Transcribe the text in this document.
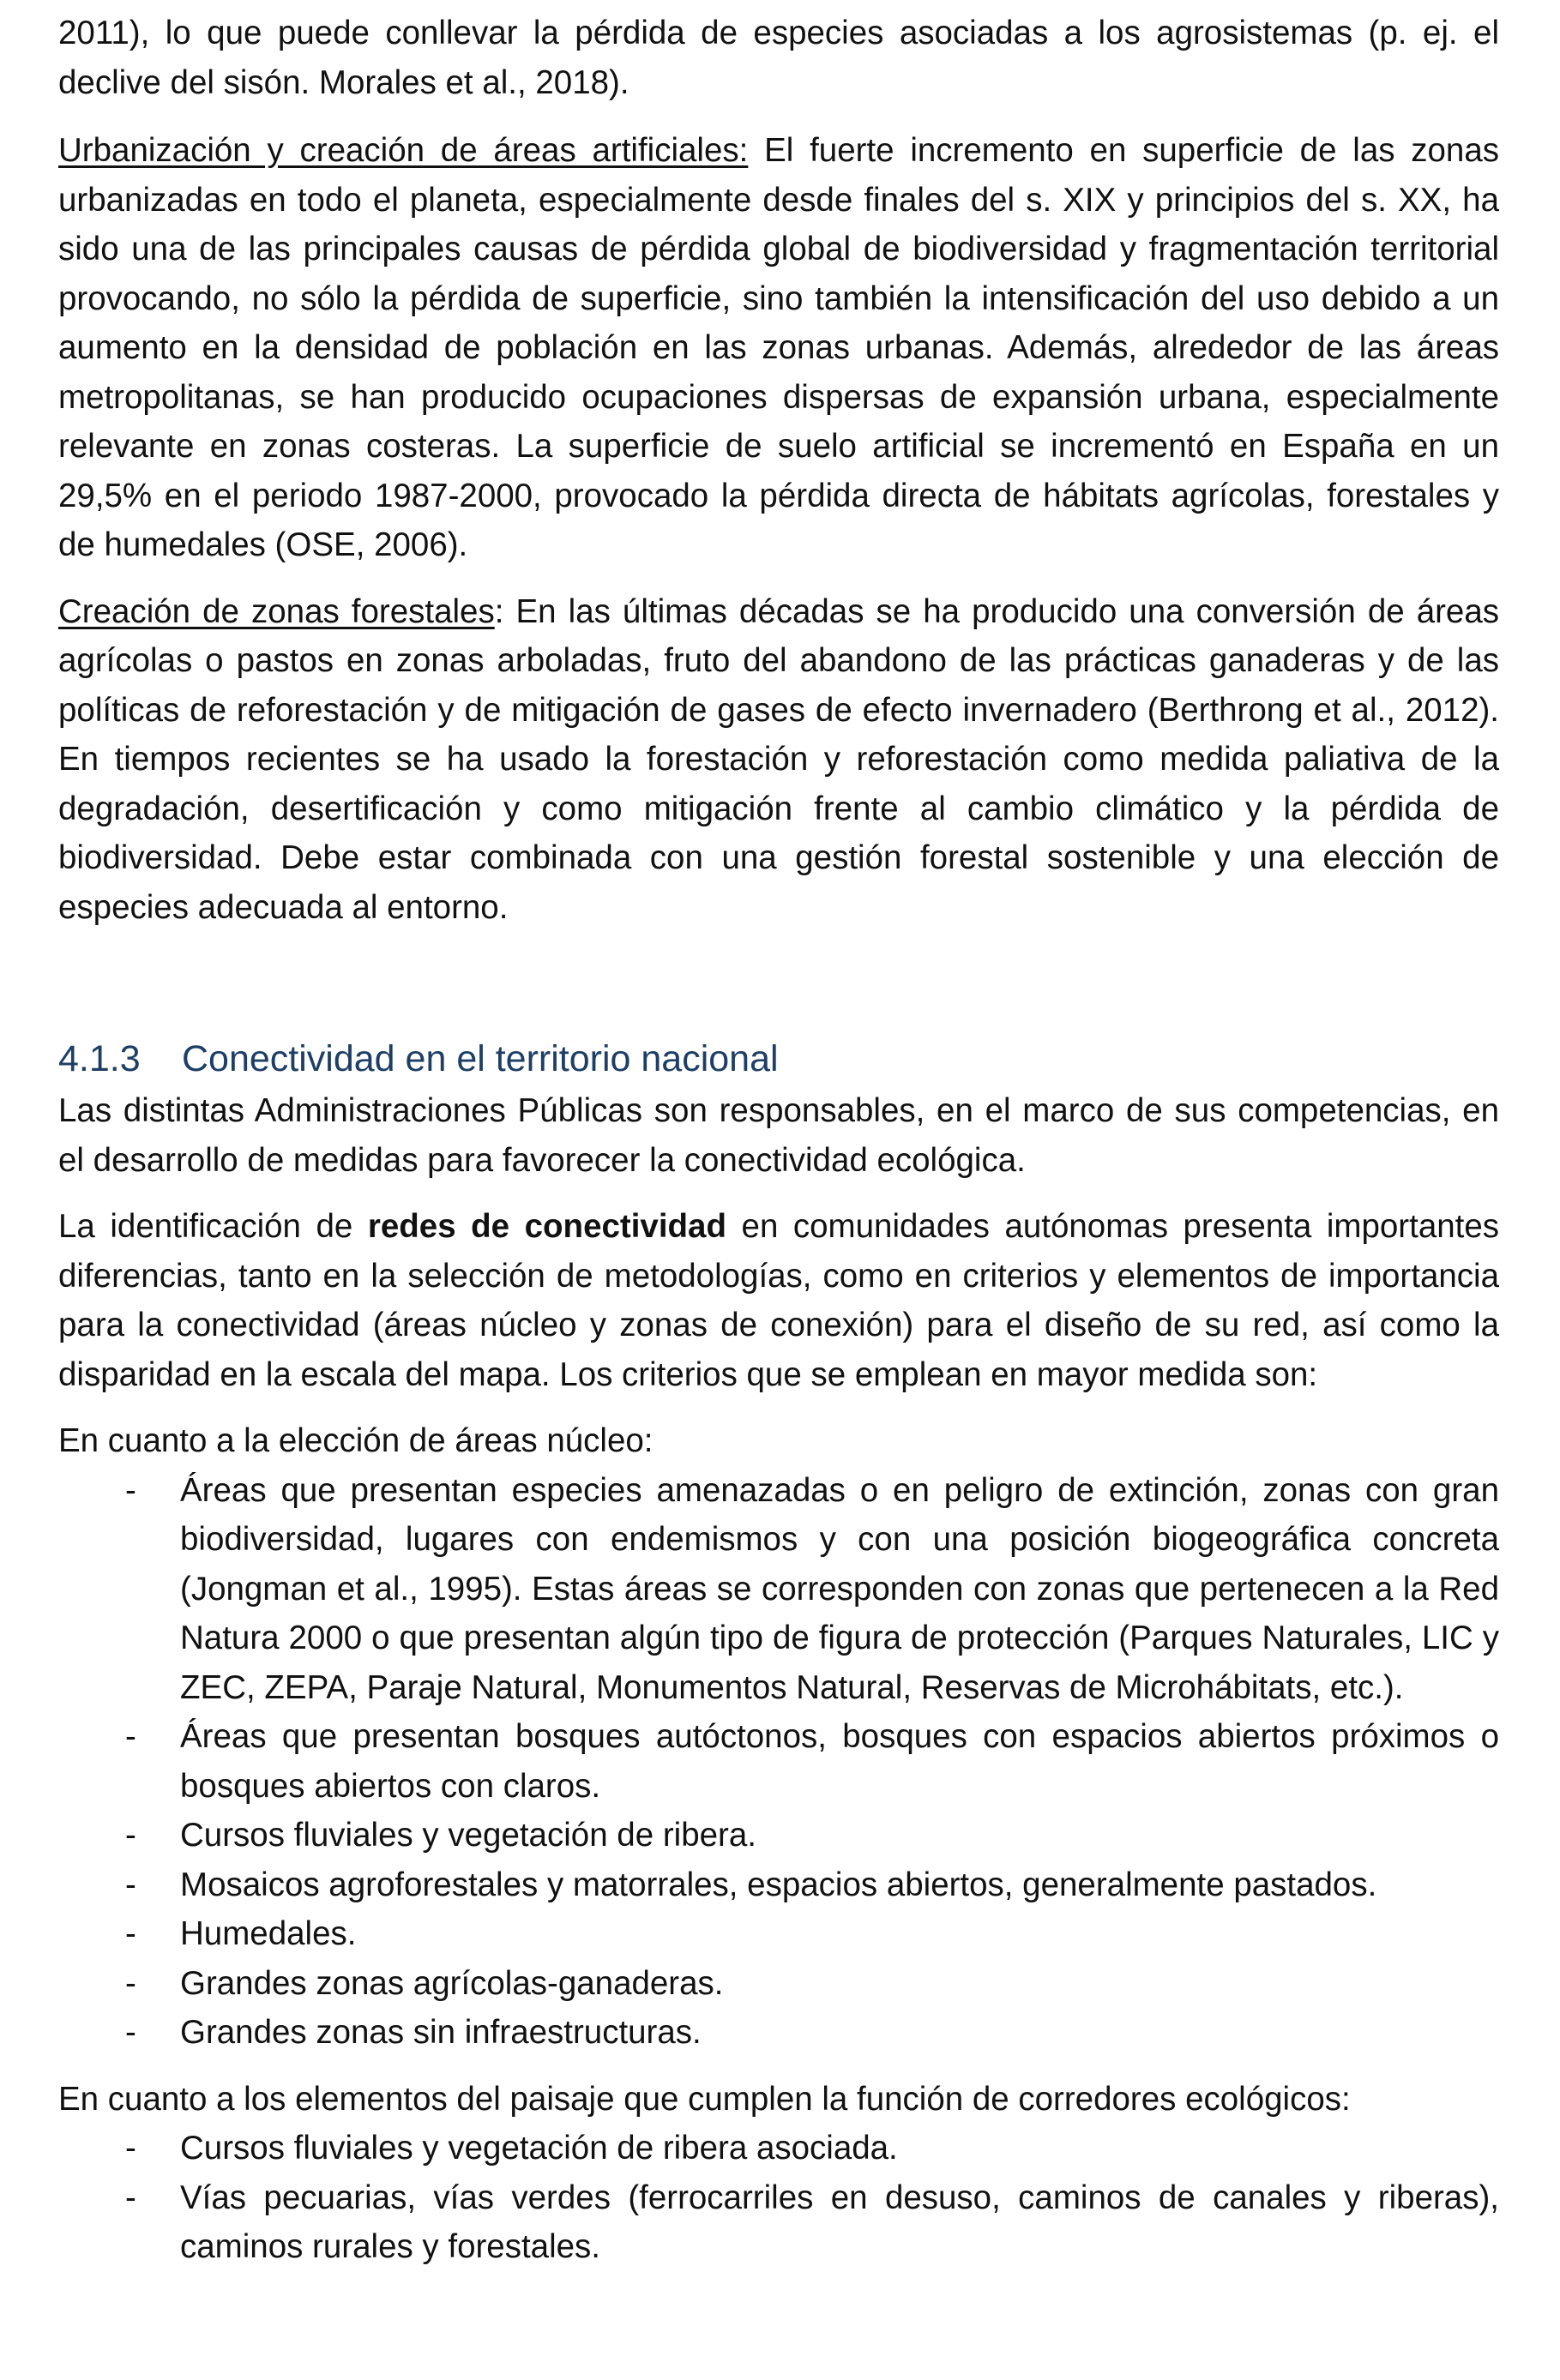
2011), lo que puede conllevar la pérdida de especies asociadas a los agrosistemas (p. ej. el declive del sisón. Morales et al., 2018).

Urbanización y creación de áreas artificiales: El fuerte incremento en superficie de las zonas urbanizadas en todo el planeta, especialmente desde finales del s. XIX y principios del s. XX, ha sido una de las principales causas de pérdida global de biodiversidad y fragmentación territorial provocando, no sólo la pérdida de superficie, sino también la intensificación del uso debido a un aumento en la densidad de población en las zonas urbanas. Además, alrededor de las áreas metropolitanas, se han producido ocupaciones dispersas de expansión urbana, especialmente relevante en zonas costeras. La superficie de suelo artificial se incrementó en España en un 29,5% en el periodo 1987-2000, provocado la pérdida directa de hábitats agrícolas, forestales y de humedales (OSE, 2006).

Creación de zonas forestales: En las últimas décadas se ha producido una conversión de áreas agrícolas o pastos en zonas arboladas, fruto del abandono de las prácticas ganaderas y de las políticas de reforestación y de mitigación de gases de efecto invernadero (Berthrong et al., 2012). En tiempos recientes se ha usado la forestación y reforestación como medida paliativa de la degradación, desertificación y como mitigación frente al cambio climático y la pérdida de biodiversidad. Debe estar combinada con una gestión forestal sostenible y una elección de especies adecuada al entorno.

4.1.3 Conectividad en el territorio nacional

Las distintas Administraciones Públicas son responsables, en el marco de sus competencias, en el desarrollo de medidas para favorecer la conectividad ecológica.

La identificación de redes de conectividad en comunidades autónomas presenta importantes diferencias, tanto en la selección de metodologías, como en criterios y elementos de importancia para la conectividad (áreas núcleo y zonas de conexión) para el diseño de su red, así como la disparidad en la escala del mapa. Los criterios que se emplean en mayor medida son:

En cuanto a la elección de áreas núcleo:

- Áreas que presentan especies amenazadas o en peligro de extinción, zonas con gran biodiversidad, lugares con endemismos y con una posición biogeográfica concreta (Jongman et al., 1995). Estas áreas se corresponden con zonas que pertenecen a la Red Natura 2000 o que presentan algún tipo de figura de protección (Parques Naturales, LIC y ZEC, ZEPA, Paraje Natural, Monumentos Natural, Reservas de Microhábitats, etc.).
- Áreas que presentan bosques autóctonos, bosques con espacios abiertos próximos o bosques abiertos con claros.
- Cursos fluviales y vegetación de ribera.
- Mosaicos agroforestales y matorrales, espacios abiertos, generalmente pastados.
- Humedales.
- Grandes zonas agrícolas-ganaderas.
- Grandes zonas sin infraestructuras.

En cuanto a los elementos del paisaje que cumplen la función de corredores ecológicos:

- Cursos fluviales y vegetación de ribera asociada.
- Vías pecuarias, vías verdes (ferrocarriles en desuso, caminos de canales y riberas), caminos rurales y forestales.
